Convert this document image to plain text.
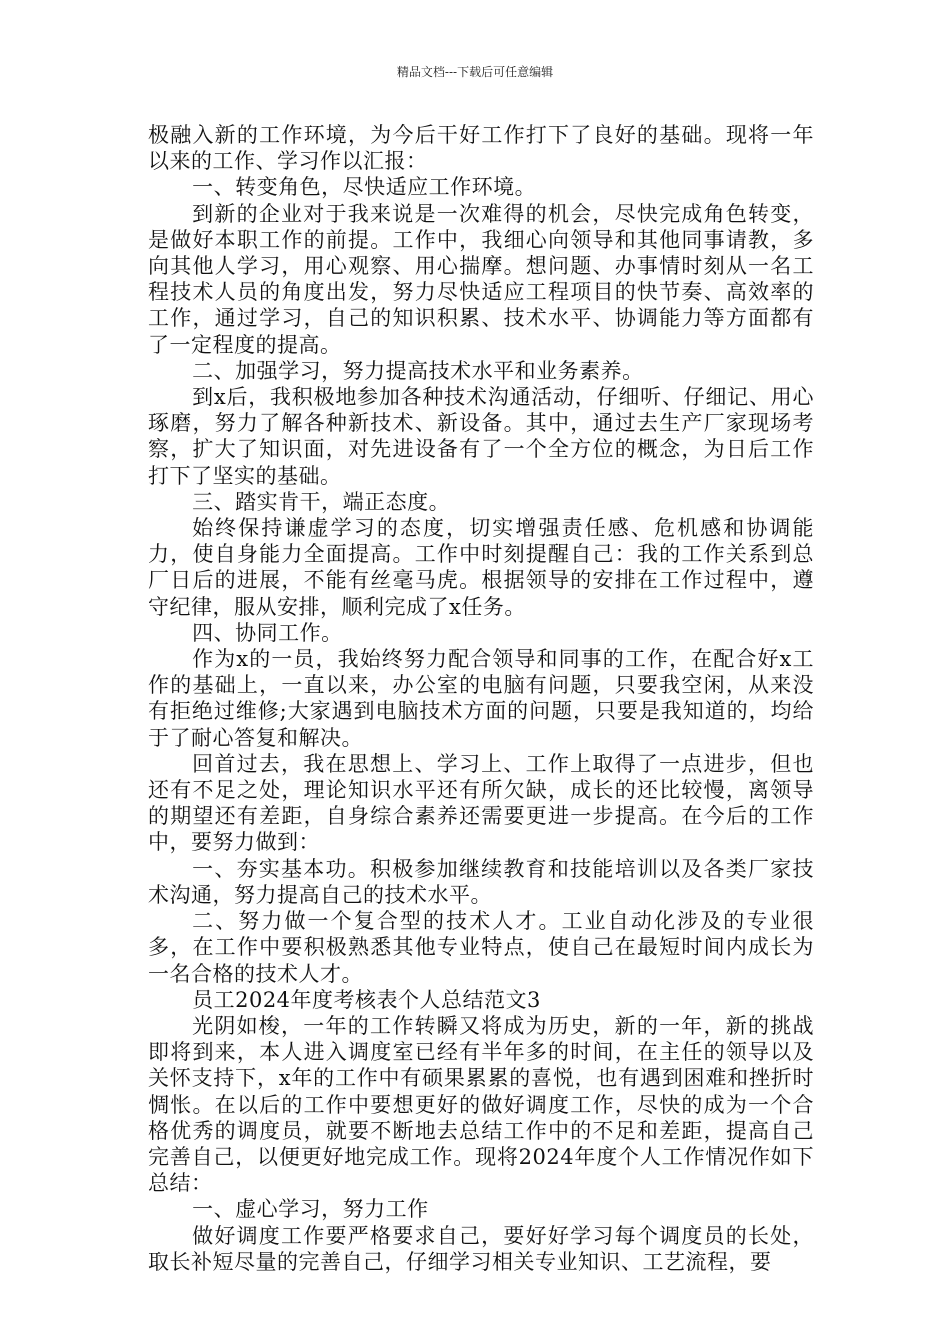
精品文档---下载后可任意编辑

极融入新的工作环境，为今后干好工作打下了良好的基础。现将一年以来的工作、学习作以汇报：

一、转变角色，尽快适应工作环境。

到新的企业对于我来说是一次难得的机会，尽快完成角色转变，是做好本职工作的前提。工作中，我细心向领导和其他同事请教，多向其他人学习，用心观察、用心揣摩。想问题、办事情时刻从一名工程技术人员的角度出发，努力尽快适应工程项目的快节奏、高效率的工作，通过学习，自己的知识积累、技术水平、协调能力等方面都有了一定程度的提高。

二、加强学习，努力提高技术水平和业务素养。

到x后，我积极地参加各种技术沟通活动，仔细听、仔细记、用心琢磨，努力了解各种新技术、新设备。其中，通过去生产厂家现场考察，扩大了知识面，对先进设备有了一个全方位的概念，为日后工作打下了坚实的基础。

三、踏实肯干，端正态度。

始终保持谦虚学习的态度，切实增强责任感、危机感和协调能力，使自身能力全面提高。工作中时刻提醒自己：我的工作关系到总厂日后的进展，不能有丝毫马虎。根据领导的安排在工作过程中，遵守纪律，服从安排，顺利完成了x任务。

四、协同工作。

作为x的一员，我始终努力配合领导和同事的工作，在配合好x工作的基础上，一直以来，办公室的电脑有问题，只要我空闲，从来没有拒绝过维修;大家遇到电脑技术方面的问题，只要是我知道的，均给于了耐心答复和解决。

回首过去，我在思想上、学习上、工作上取得了一点进步，但也还有不足之处，理论知识水平还有所欠缺，成长的还比较慢，离领导的期望还有差距，自身综合素养还需要更进一步提高。在今后的工作中，要努力做到：

一、夯实基本功。积极参加继续教育和技能培训以及各类厂家技术沟通，努力提高自己的技术水平。

二、努力做一个复合型的技术人才。工业自动化涉及的专业很多，在工作中要积极熟悉其他专业特点，使自己在最短时间内成长为一名合格的技术人才。

员工2024年度考核表个人总结范文3

光阴如梭，一年的工作转瞬又将成为历史，新的一年，新的挑战即将到来，本人进入调度室已经有半年多的时间，在主任的领导以及关怀支持下，x年的工作中有硕果累累的喜悦，也有遇到困难和挫折时惆怅。在以后的工作中要想更好的做好调度工作，尽快的成为一个合格优秀的调度员，就要不断地去总结工作中的不足和差距，提高自己完善自己，以便更好地完成工作。现将2024年度个人工作情况作如下总结：

一、虚心学习，努力工作

做好调度工作要严格要求自己，要好好学习每个调度员的长处，取长补短尽量的完善自己，仔细学习相关专业知识、工艺流程，要
